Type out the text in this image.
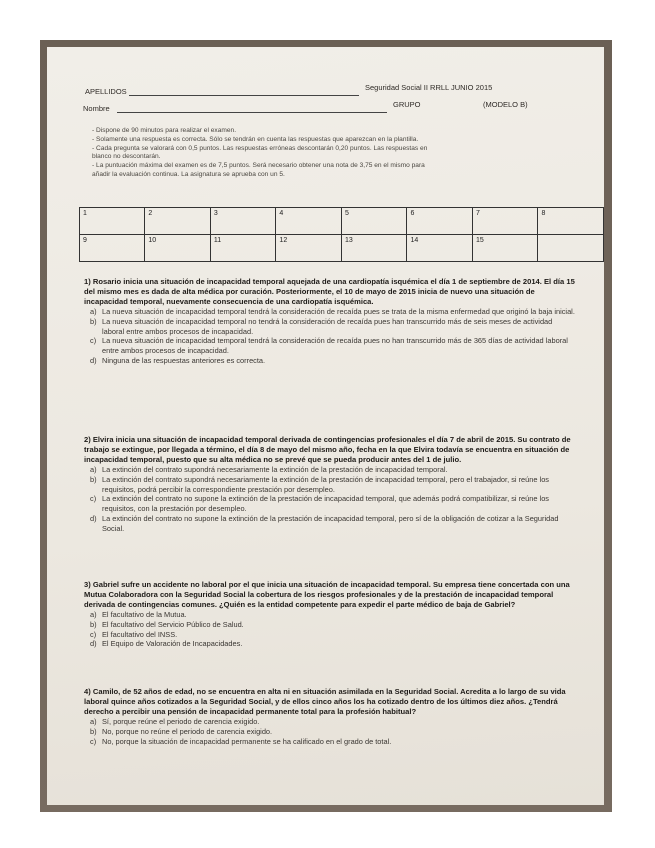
APELLIDOS	Seguridad Social II RRLL JUNIO 2015
Nombre	GRUPO	(MODELO B)
- Dispone de 90 minutos para realizar el examen.
- Solamente una respuesta es correcta. Sólo se tendrán en cuenta las respuestas que aparezcan en la plantilla.
- Cada pregunta se valorará con 0,5 puntos. Las respuestas erróneas descontarán 0,20 puntos. Las respuestas en
blanco no descontarán.
- La puntuación máxima del examen es de 7,5 puntos. Será necesario obtener una nota de 3,75 en el mismo para
añadir la evaluación continua. La asignatura se aprueba con un 5.
1	2	3	4	5	6	7	8
9	10	11	12	13	14	15	
1) Rosario inicia una situación de incapacidad temporal aquejada de una cardiopatía isquémica el día 1 de septiembre de 2014. El día 15 del mismo mes es dada de alta médica por curación. Posteriormente, el 10 de mayo de 2015 inicia de nuevo una situación de incapacidad temporal, nuevamente consecuencia de una cardiopatía isquémica.
a) La nueva situación de incapacidad temporal tendrá la consideración de recaída pues se trata de la misma enfermedad que originó la baja inicial.
b) La nueva situación de incapacidad temporal no tendrá la consideración de recaída pues han transcurrido más de seis meses de actividad laboral entre ambos procesos de incapacidad.
c) La nueva situación de incapacidad temporal tendrá la consideración de recaída pues no han transcurrido más de 365 días de actividad laboral entre ambos procesos de incapacidad.
d) Ninguna de las respuestas anteriores es correcta.
2) Elvira inicia una situación de incapacidad temporal derivada de contingencias profesionales el día 7 de abril de 2015. Su contrato de trabajo se extingue, por llegada a término, el día 8 de mayo del mismo año, fecha en la que Elvira todavía se encuentra en situación de incapacidad temporal, puesto que su alta médica no se prevé que se pueda producir antes del 1 de julio.
a) La extinción del contrato supondrá necesariamente la extinción de la prestación de incapacidad temporal.
b) La extinción del contrato supondrá necesariamente la extinción de la prestación de incapacidad temporal, pero el trabajador, si reúne los requisitos, podrá percibir la correspondiente prestación por desempleo.
c) La extinción del contrato no supone la extinción de la prestación de incapacidad temporal, que además podrá compatibilizar, si reúne los requisitos, con la prestación por desempleo.
d) La extinción del contrato no supone la extinción de la prestación de incapacidad temporal, pero sí de la obligación de cotizar a la Seguridad Social.
3) Gabriel sufre un accidente no laboral por el que inicia una situación de incapacidad temporal. Su empresa tiene concertada con una Mutua Colaboradora con la Seguridad Social la cobertura de los riesgos profesionales y de la prestación de incapacidad temporal derivada de contingencias comunes. ¿Quién es la entidad competente para expedir el parte médico de baja de Gabriel?
a) El facultativo de la Mutua.
b) El facultativo del Servicio Público de Salud.
c) El facultativo del INSS.
d) El Equipo de Valoración de Incapacidades.
4) Camilo, de 52 años de edad, no se encuentra en alta ni en situación asimilada en la Seguridad Social. Acredita a lo largo de su vida laboral quince años cotizados a la Seguridad Social, y de ellos cinco años los ha cotizado dentro de los últimos diez años. ¿Tendrá derecho a percibir una pensión de incapacidad permanente total para la profesión habitual?
a) Sí, porque reúne el periodo de carencia exigido.
b) No, porque no reúne el periodo de carencia exigido.
c) No, porque la situación de incapacidad permanente se ha calificado en el grado de total.
